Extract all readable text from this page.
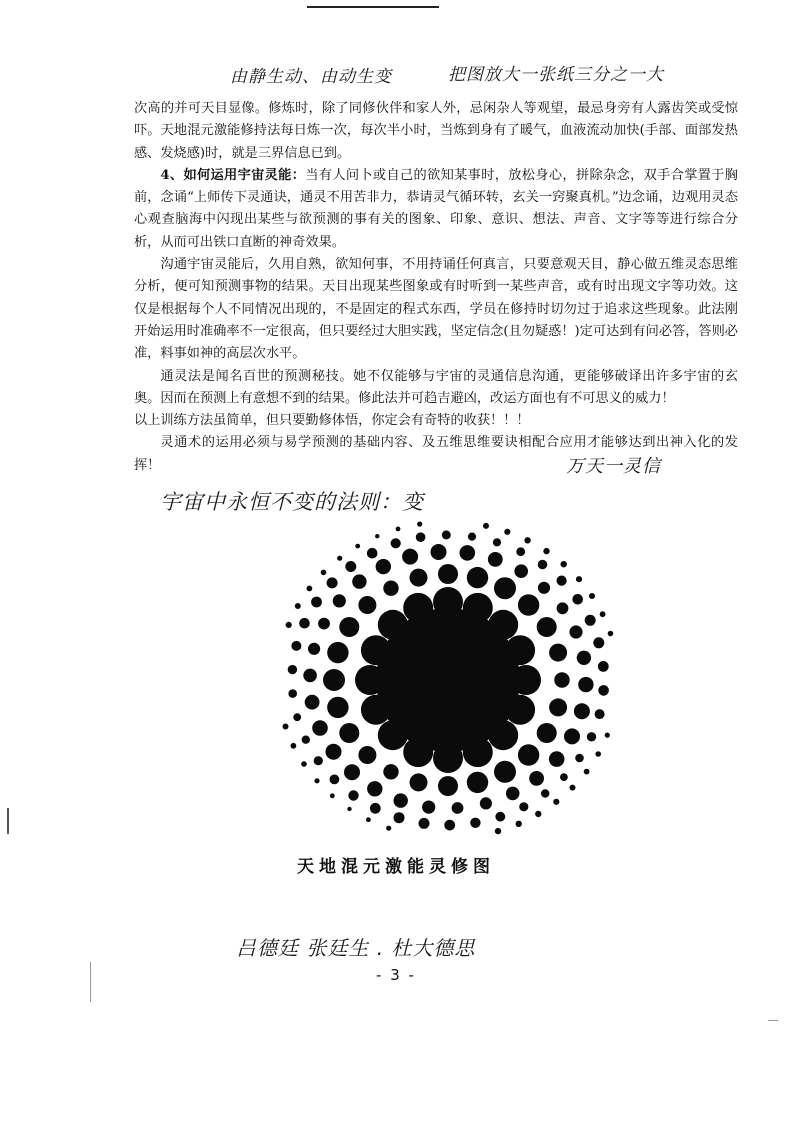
由静生动、由动生变	把图放大一张纸三分之一大

次高的并可天目显像。修炼时，除了同修伙伴和家人外，忌闲杂人等观望，最忌身旁有人露齿笑或受惊吓。天地混元激能修持法每日炼一次，每次半小时，当炼到身有了暖气，血液流动加快(手部、面部发热感、发烧感)时，就是三界信息已到。

4、如何运用宇宙灵能：当有人问卜或自己的欲知某事时，放松身心，拼除杂念，双手合掌置于胸前，念诵“上师传下灵通诀，通灵不用苦非力，恭请灵气循环转，玄关一窍聚真机。”边念诵，边观用灵态心观查脑海中闪现出某些与欲预测的事有关的图象、印象、意识、想法、声音、文字等等进行综合分析，从而可出铁口直断的神奇效果。

沟通宇宙灵能后，久用自熟，欲知何事，不用持诵任何真言，只要意观天目，静心做五维灵态思维分析，便可知预测事物的结果。天目出现某些图象或有时听到一某些声音，或有时出现文字等功效。这仅是根据每个人不同情况出现的，不是固定的程式东西，学员在修持时切勿过于追求这些现象。此法刚开始运用时准确率不一定很高，但只要经过大胆实践，坚定信念(且勿疑惑！)定可达到有问必答，答则必准，料事如神的高层次水平。

通灵法是闻名百世的预测秘技。她不仅能够与宇宙的灵通信息沟通，更能够破译出许多宇宙的玄奥。因而在预测上有意想不到的结果。修此法并可趋吉避凶，改运方面也有不可思义的威力！

以上训练方法虽简单，但只要勤修体悟，你定会有奇特的收获！！！

灵通术的运用必须与易学预测的基础内容、及五维思维要诀相配合应用才能够达到出神入化的发挥！	万天一灵信
宇宙中永恒不变的法则：变
天地混元激能灵修图
吕德廷 张廷生 . 杜大德思
- 3 -
